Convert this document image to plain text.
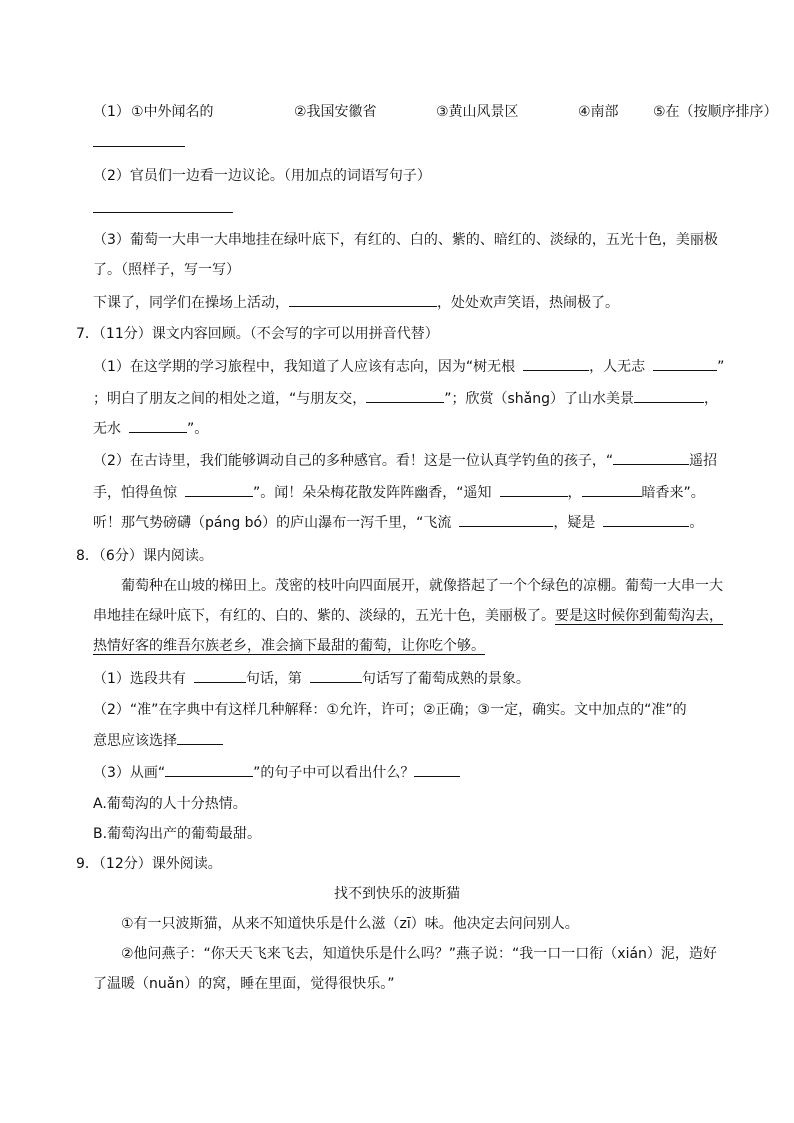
（1） ①中外闻名的	②我国安徽省	③黄山风景区	④南部 ⑤在（按顺序排序）
（2）官员们一边看一边议论。（用加点的词语写句子）
（3）葡萄一大串一大串地挂在绿叶底下，有红的、白的、紫的、暗红的、淡绿的，五光十色，美丽极
了。（照样子，写一写）
下课了，同学们在操场上活动，	，处处欢声笑语，热闹极了。
7．（11分）课文内容回顾。（不会写的字可以用拼音代替）
（1）在这学期的学习旅程中，我知道了人应该有志向，因为“树无根	，人无志	”
；明白了朋友之间的相处之道，“与朋友交，	”；欣赏（shǎng）了山水美景	，
无水	”。
（2）在古诗里，我们能够调动自己的多种感官。看！这是一位认真学钓鱼的孩子，“	遥招
手，怕得鱼惊	”。闻！朵朵梅花散发阵阵幽香，“遥知	，	暗香来”。
听！那气势磅礴（páng bó）的庐山瀑布一泻千里，“飞流	，疑是	。
8．（6分）课内阅读。
葡萄种在山坡的梯田上。茂密的枝叶向四面展开，就像搭起了一个个绿色的凉棚。葡萄一大串一大
串地挂在绿叶底下，有红的、白的、紫的、淡绿的，五光十色，美丽极了。要是这时候你到葡萄沟去，
热情好客的维吾尔族老乡，准会摘下最甜的葡萄，让你吃个够。
（1）选段共有	句话，第	句话写了葡萄成熟的景象。
（2）“准”在字典中有这样几种解释：①允许，许可；②正确；③一定，确实。文中加点的“准”的
意思应该选择
（3）从画“	”的句子中可以看出什么？
A.葡萄沟的人十分热情。
B.葡萄沟出产的葡萄最甜。
9．（12分）课外阅读。
找不到快乐的波斯猫
①有一只波斯猫，从来不知道快乐是什么滋（zī）味。他决定去问问别人。
②他问燕子：“你天天飞来飞去，知道快乐是什么吗？”燕子说：“我一口一口衔（xián）泥，造好
了温暖（nuǎn）的窝，睡在里面，觉得很快乐。”
